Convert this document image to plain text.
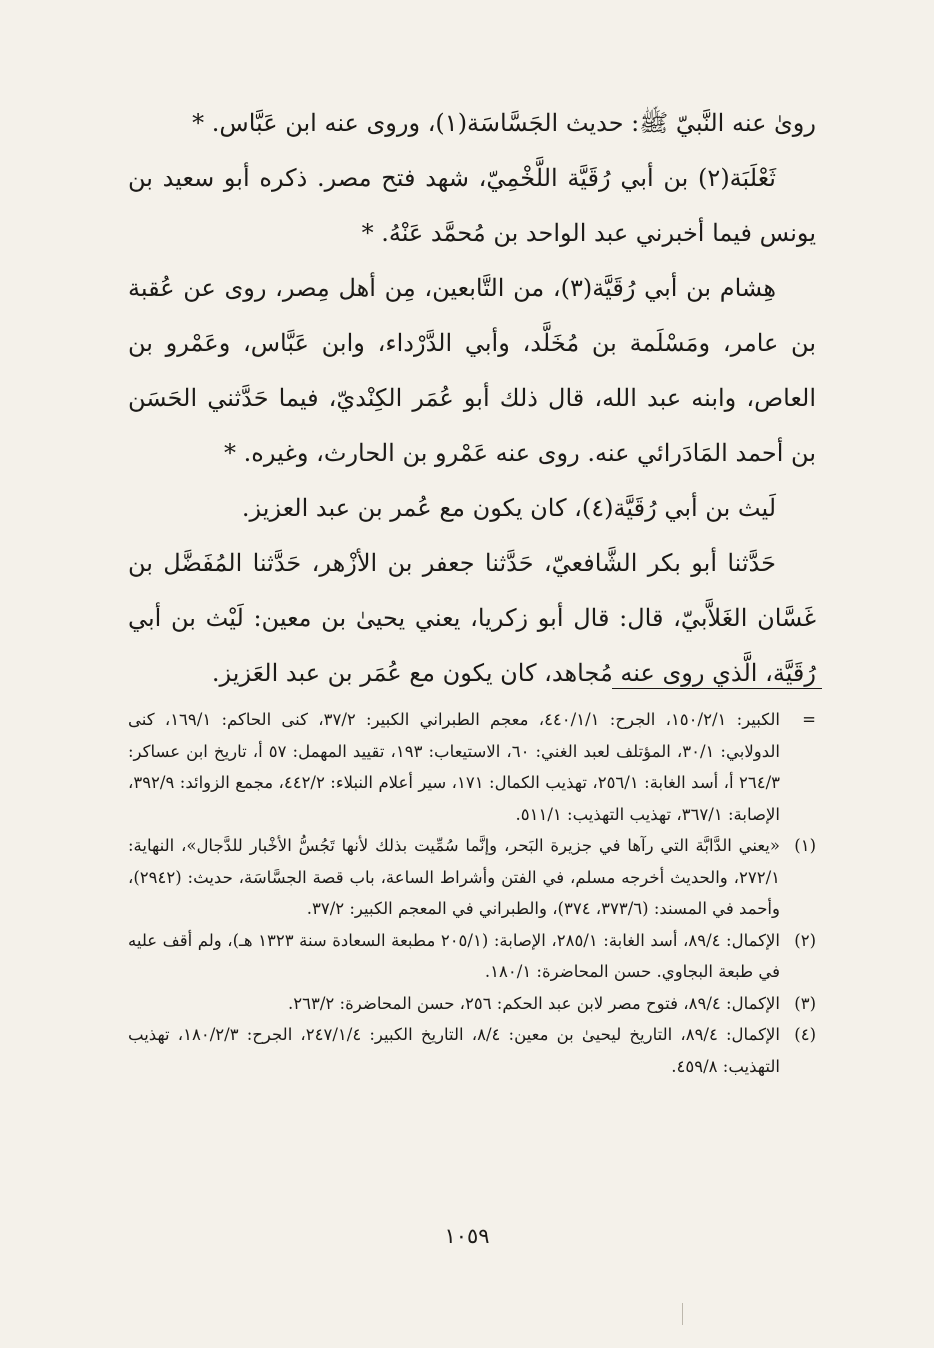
رویٰ عنه النَّبيّ ﷺ: حديث الجَسَّاسَة(١)، وروی عنه ابن عَبَّاس. *

ثَعْلَبَة(٢) بن أبي رُقَيَّة اللَّخْمِيّ، شهد فتح مصر. ذكره أبو سعيد بن يونس فيما أخبرني عبد الواحد بن مُحمَّد عَنْهُ. *

هِشام بن أبي رُقَيَّة(٣)، من التَّابعين، مِن أهل مِصر، روی عن عُقبة بن عامر، ومَسْلَمة بن مُخَلَّد، وأبي الدَّرْداء، وابن عَبَّاس، وعَمْرو بن العاص، وابنه عبد الله، قال ذلك أبو عُمَر الكِنْديّ، فيما حَدَّثني الحَسَن بن أحمد المَادَرائي عنه. روی عنه عَمْرو بن الحارث، وغيره. *

لَيث بن أبي رُقَيَّة(٤)، كان يكون مع عُمر بن عبد العزيز.

حَدَّثنا أبو بكر الشَّافعيّ، حَدَّثنا جعفر بن الأزْهر، حَدَّثنا المُفَضَّل بن غَسَّان الغَلاَّبيّ، قال: قال أبو زكريا، يعني يحيیٰ بن معين: لَيْث بن أبي رُقَيَّة، الَّذي روی عنه مُجاهد، كان يكون مع عُمَر بن عبد العَزيز.

=
الكبير: ١٥٠/٢/١، الجرح: ٤٤٠/١/١، معجم الطبراني الكبير: ٣٧/٢، كنى الحاكم: ١٦٩/١، كنى الدولابي: ٣٠/١، المؤتلف لعبد الغني: ٦٠، الاستيعاب: ١٩٣، تقييد المهمل: ٥٧ أ، تاريخ ابن عساكر: ٢٦٤/٣ أ، أسد الغابة: ٢٥٦/١، تهذيب الكمال: ١٧١، سير أعلام النبلاء: ٤٤٢/٢، مجمع الزوائد: ٣٩٢/٩، الإصابة: ٣٦٧/١، تهذيب التهذيب: ٥١١/١.
(١)
«يعني الدَّابَّة التي رآها في جزيرة البَحر، وإنَّما سُمِّيت بذلك لأنها تَجُسُّ الأخْبار للدَّجال»، النهاية: ٢٧٢/١، والحديث أخرجه مسلم، في الفتن وأشراط الساعة، باب قصة الجسَّاسَة، حديث: (٢٩٤٢)، وأحمد في المسند: (٣٧٣/٦، ٣٧٤)، والطبراني في المعجم الكبير: ٣٧/٢.
(٢)
الإكمال: ٨٩/٤، أسد الغابة: ٢٨٥/١، الإصابة: (٢٠٥/١ مطبعة السعادة سنة ١٣٢٣ هـ)، ولم أقف عليه في طبعة البجاوي. حسن المحاضرة: ١٨٠/١.
(٣)
الإكمال: ٨٩/٤، فتوح مصر لابن عبد الحكم: ٢٥٦، حسن المحاضرة: ٢٦٣/٢.
(٤)
الإكمال: ٨٩/٤، التاريخ ليحيیٰ بن معين: ٨/٤، التاريخ الكبير: ٢٤٧/١/٤، الجرح: ١٨٠/٢/٣، تهذيب التهذيب: ٤٥٩/٨.
١٠٥٩
